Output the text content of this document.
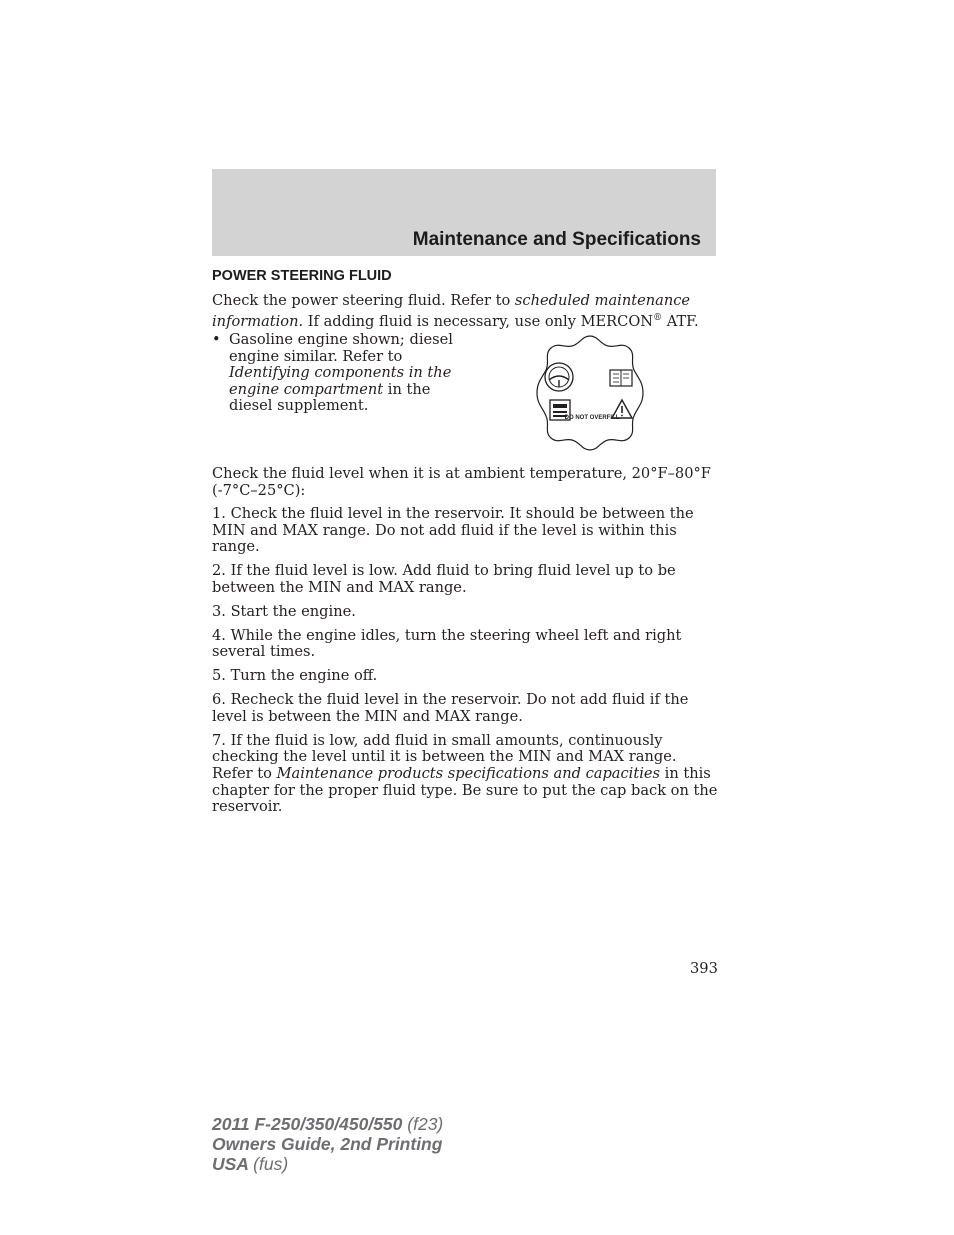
Maintenance and Specifications
POWER STEERING FLUID

Check the power steering fluid. Refer to scheduled maintenance information. If adding fluid is necessary, use only MERCON® ATF.

• Gasoline engine shown; diesel engine similar. Refer to Identifying components in the engine compartment in the diesel supplement.
DO NOT OVERFILL
Check the fluid level when it is at ambient temperature, 20°F–80°F (-7°C–25°C):

1. Check the fluid level in the reservoir. It should be between the MIN and MAX range. Do not add fluid if the level is within this range.

2. If the fluid level is low. Add fluid to bring fluid level up to be between the MIN and MAX range.

3. Start the engine.

4. While the engine idles, turn the steering wheel left and right several times.

5. Turn the engine off.

6. Recheck the fluid level in the reservoir. Do not add fluid if the level is between the MIN and MAX range.

7. If the fluid is low, add fluid in small amounts, continuously checking the level until it is between the MIN and MAX range. Refer to Maintenance products specifications and capacities in this chapter for the proper fluid type. Be sure to put the cap back on the reservoir.

393
2011 F-250/350/450/550 (f23)
Owners Guide, 2nd Printing
USA (fus)
